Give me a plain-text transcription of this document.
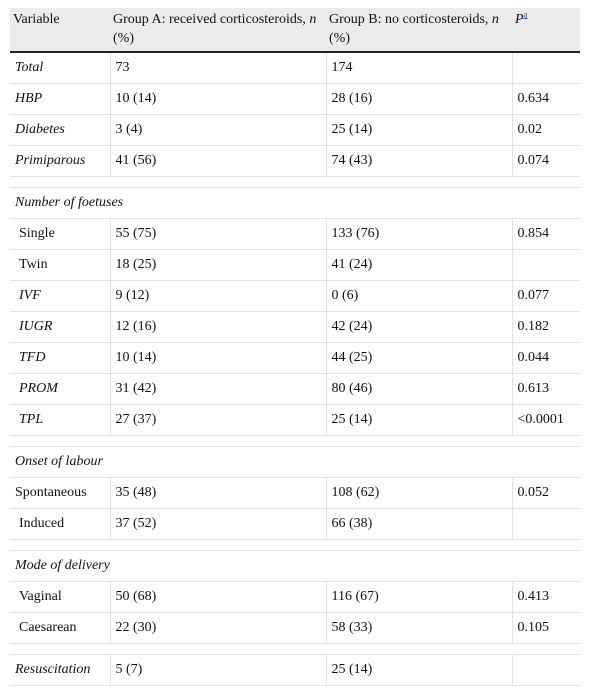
Variable	Group A: received corticosteroids, n (%)	Group B: no corticosteroids, n (%)	$P^a$
Total	73	174	
HBP	10 (14)	28 (16)	0.634
Diabetes	3 (4)	25 (14)	0.02
Primiparous	41 (56)	74 (43)	0.074

Number of foetuses			
Single	55 (75)	133 (76)	0.854
Twin	18 (25)	41 (24)	
IVF	9 (12)	0 (6)	0.077
IUGR	12 (16)	42 (24)	0.182
TFD	10 (14)	44 (25)	0.044
PROM	31 (42)	80 (46)	0.613
TPL	27 (37)	25 (14)	<0.0001

Onset of labour			
Spontaneous	35 (48)	108 (62)	0.052
Induced	37 (52)	66 (38)	

Mode of delivery			
Vaginal	50 (68)	116 (67)	0.413
Caesarean	22 (30)	58 (33)	0.105

Resuscitation	5 (7)	25 (14)	
